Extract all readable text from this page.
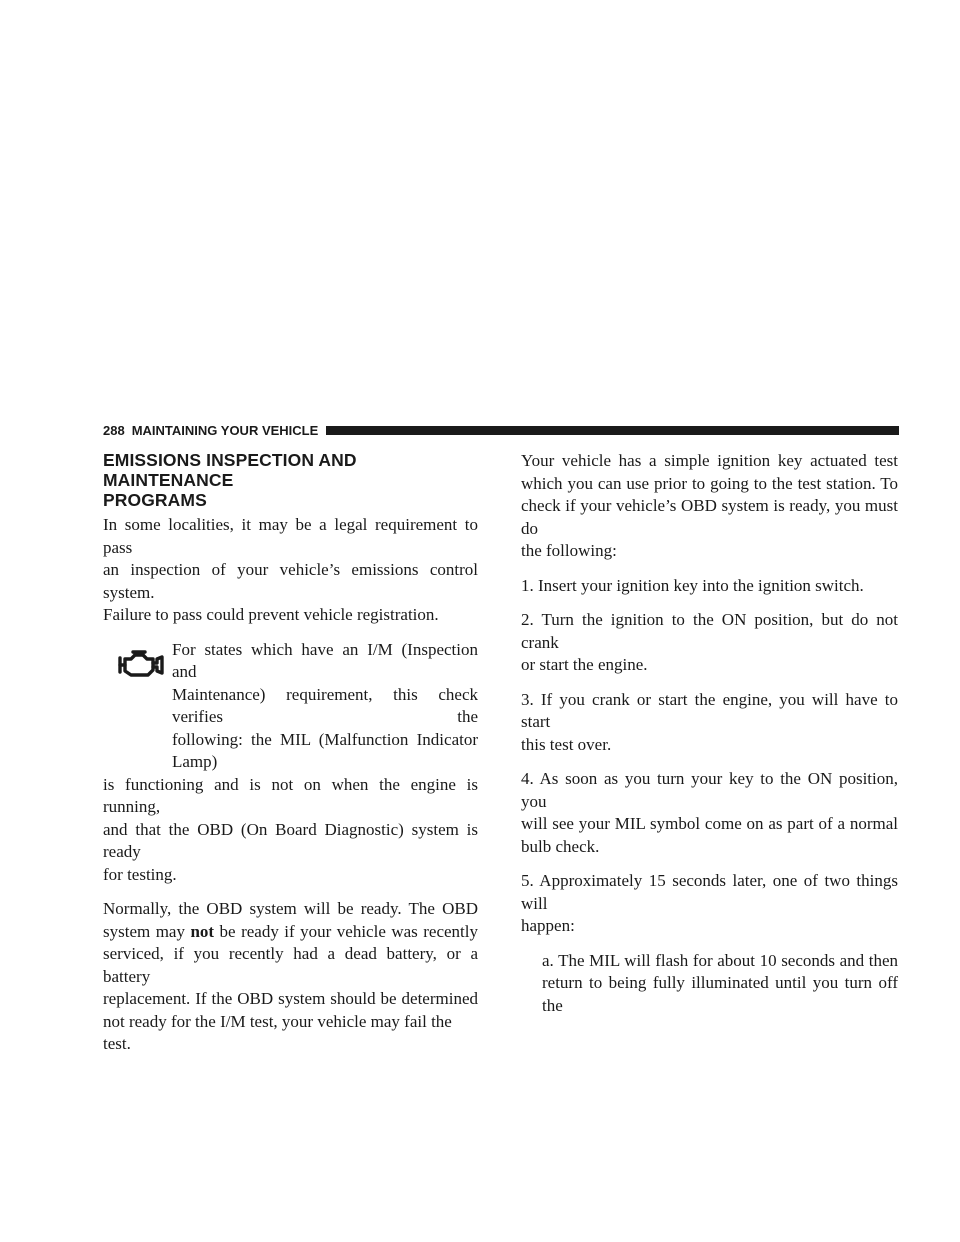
288 MAINTAINING YOUR VEHICLE
EMISSIONS INSPECTION AND MAINTENANCE
PROGRAMS

In some localities, it may be a legal requirement to pass
an inspection of your vehicle’s emissions control system.
Failure to pass could prevent vehicle registration.

For states which have an I/M (Inspection and
Maintenance) requirement, this check verifies the
following: the MIL (Malfunction Indicator Lamp)
is functioning and is not on when the engine is running,
and that the OBD (On Board Diagnostic) system is ready
for testing.

Normally, the OBD system will be ready. The OBD
system may not be ready if your vehicle was recently
serviced, if you recently had a dead battery, or a battery
replacement. If the OBD system should be determined
not ready for the I/M test, your vehicle may fail the test.

Your vehicle has a simple ignition key actuated test
which you can use prior to going to the test station. To
check if your vehicle’s OBD system is ready, you must do
the following:

1. Insert your ignition key into the ignition switch.

2. Turn the ignition to the ON position, but do not crank
or start the engine.

3. If you crank or start the engine, you will have to start
this test over.

4. As soon as you turn your key to the ON position, you
will see your MIL symbol come on as part of a normal
bulb check.

5. Approximately 15 seconds later, one of two things will
happen:

a. The MIL will flash for about 10 seconds and then
return to being fully illuminated until you turn off the
